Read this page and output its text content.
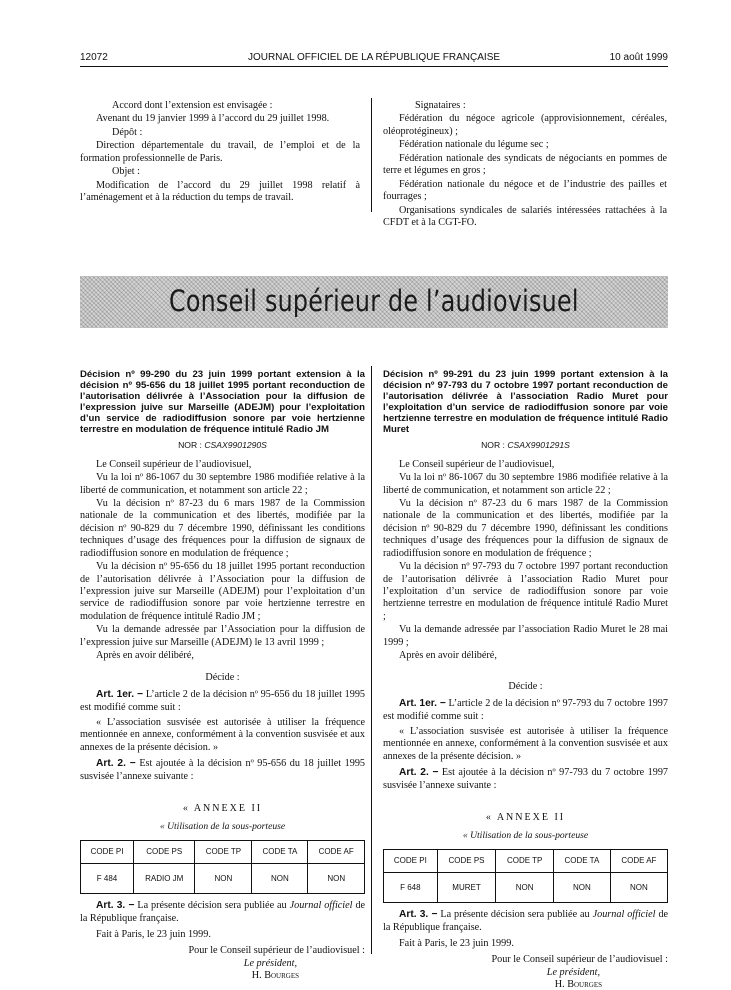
12072	JOURNAL OFFICIEL DE LA RÉPUBLIQUE FRANÇAISE	10 août 1999

Accord dont l’extension est envisagée :

Avenant du 19 janvier 1999 à l’accord du 29 juillet 1998.

Dépôt :

Direction départementale du travail, de l’emploi et de la formation professionnelle de Paris.

Objet :

Modification de l’accord du 29 juillet 1998 relatif à l’aménagement et à la réduction du temps de travail.

Signataires :

Fédération du négoce agricole (approvisionnement, céréales, oléoprotégineux) ;

Fédération nationale du légume sec ;

Fédération nationale des syndicats de négociants en pommes de terre et légumes en gros ;

Fédération nationale du négoce et de l’industrie des pailles et fourrages ;

Organisations syndicales de salariés intéressées rattachées à la CFDT et à la CGT-FO.

Conseil supérieur de l’audiovisuel

Décision nº 99-290 du 23 juin 1999 portant extension à la décision nº 95-656 du 18 juillet 1995 portant reconduction de l’autorisation délivrée à l’Association pour la diffusion de l’expression juive sur Marseille (ADEJM) pour l’exploitation d’un service de radiodiffusion sonore par voie hertzienne terrestre en modulation de fréquence intitulé Radio JM

NOR : CSAX9901290S

Le Conseil supérieur de l’audiovisuel,

Vu la loi nº 86-1067 du 30 septembre 1986 modifiée relative à la liberté de communication, et notamment son article 22 ;

Vu la décision nº 87-23 du 6 mars 1987 de la Commission nationale de la communication et des libertés, modifiée par la décision nº 90-829 du 7 décembre 1990, définissant les conditions techniques d’usage des fréquences pour la diffusion de signaux de radiodiffusion sonore en modulation de fréquence ;

Vu la décision nº 95-656 du 18 juillet 1995 portant reconduction de l’autorisation délivrée à l’Association pour la diffusion de l’expression juive sur Marseille (ADEJM) pour l’exploitation d’un service de radiodiffusion sonore par voie hertzienne terrestre en modulation de fréquence intitulé Radio JM ;

Vu la demande adressée par l’Association pour la diffusion de l’expression juive sur Marseille (ADEJM) le 13 avril 1999 ;

Après en avoir délibéré,

Décide :

Art. 1er. − L’article 2 de la décision nº 95-656 du 18 juillet 1995 est modifié comme suit :

« L’association susvisée est autorisée à utiliser la fréquence mentionnée en annexe, conformément à la convention susvisée et aux annexes de la présente décision. »

Art. 2. − Est ajoutée à la décision nº 95-656 du 18 juillet 1995 susvisée l’annexe suivante :

« ANNEXE II

« Utilisation de la sous-porteuse

CODE PI	CODE PS	CODE TP	CODE TA	CODE AF
F 484	RADIO JM	NON	NON	NON

Art. 3. − La présente décision sera publiée au Journal officiel de la République française.

Fait à Paris, le 23 juin 1999.

Pour le Conseil supérieur de l’audiovisuel :

Le président,

H. Bourges

Décision nº 99-291 du 23 juin 1999 portant extension à la décision nº 97-793 du 7 octobre 1997 portant reconduction de l’autorisation délivrée à l’association Radio Muret pour l’exploitation d’un service de radiodiffusion sonore par voie hertzienne terrestre en modulation de fréquence intitulé Radio Muret

NOR : CSAX9901291S

Le Conseil supérieur de l’audiovisuel,

Vu la loi nº 86-1067 du 30 septembre 1986 modifiée relative à la liberté de communication, et notamment son article 22 ;

Vu la décision nº 87-23 du 6 mars 1987 de la Commission nationale de la communication et des libertés, modifiée par la décision nº 90-829 du 7 décembre 1990, définissant les conditions techniques d’usage des fréquences pour la diffusion de signaux de radiodiffusion sonore en modulation de fréquence ;

Vu la décision nº 97-793 du 7 octobre 1997 portant reconduction de l’autorisation délivrée à l’association Radio Muret pour l’exploitation d’un service de radiodiffusion sonore par voie hertzienne terrestre en modulation de fréquence intitulé Radio Muret ;

Vu la demande adressée par l’association Radio Muret le 28 mai 1999 ;

Après en avoir délibéré,

Décide :

Art. 1er. − L’article 2 de la décision nº 97-793 du 7 octobre 1997 est modifié comme suit :

« L’association susvisée est autorisée à utiliser la fréquence mentionnée en annexe, conformément à la convention susvisée et aux annexes de la présente décision. »

Art. 2. − Est ajoutée à la décision nº 97-793 du 7 octobre 1997 susvisée l’annexe suivante :

« ANNEXE II

« Utilisation de la sous-porteuse

CODE PI	CODE PS	CODE TP	CODE TA	CODE AF
F 648	MURET	NON	NON	NON

Art. 3. − La présente décision sera publiée au Journal officiel de la République française.

Fait à Paris, le 23 juin 1999.

Pour le Conseil supérieur de l’audiovisuel :

Le président,

H. Bourges
